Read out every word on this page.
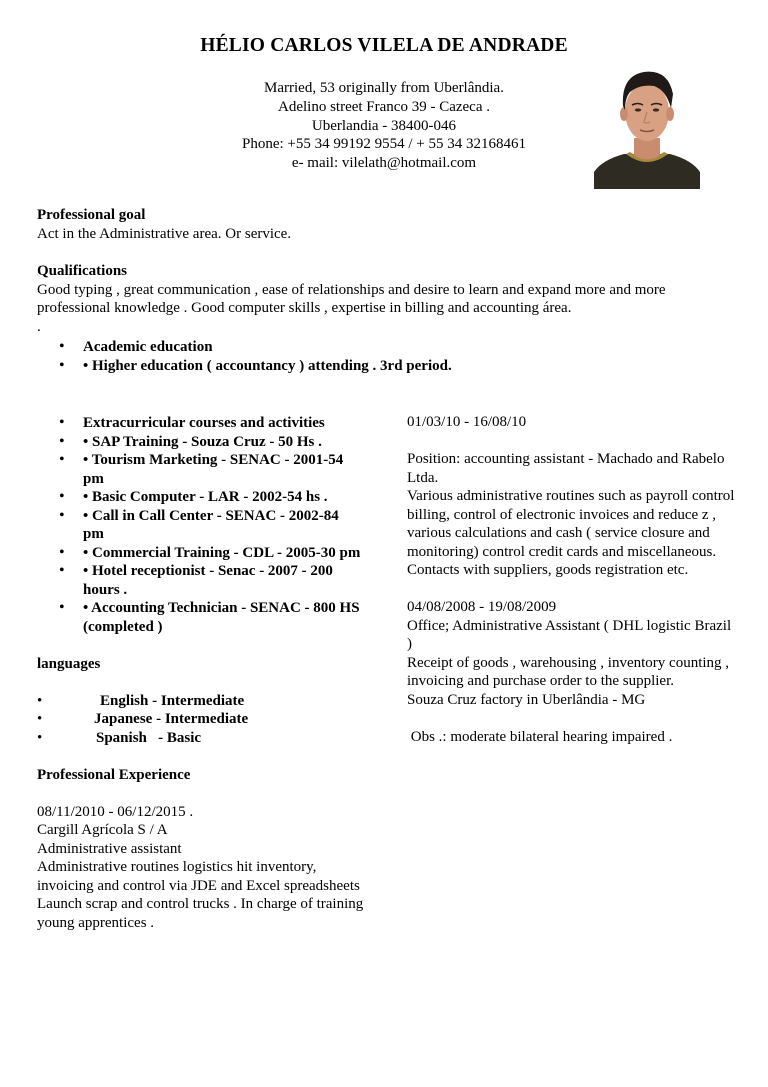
HÉLIO CARLOS VILELA DE ANDRADE
Married, 53 originally from Uberlândia.
Adelino street Franco 39 - Cazeca .
Uberlandia - 38400-046
Phone: +55 34 99192 9554 / + 55 34 32168461
e- mail: vilelath@hotmail.com
Professional goal
Act in the Administrative area. Or service.
Qualifications
Good typing , great communication , ease of relationships and desire to learn and expand more and more professional knowledge . Good computer skills , expertise in billing and accounting área.
.
• Academic education
• • Higher education ( accountancy ) attending . 3rd period.
• Extracurricular courses and activities
• • SAP Training - Souza Cruz - 50 Hs .
• • Tourism Marketing - SENAC - 2001-54 pm
• • Basic Computer - LAR - 2002-54 hs .
• • Call in Call Center - SENAC - 2002-84 pm
• • Commercial Training - CDL - 2005-30 pm
• • Hotel receptionist - Senac - 2007 - 200 hours .
• • Accounting Technician - SENAC - 800 HS (completed )
languages
•	English - Intermediate
•	Japanese - Intermediate
•	Spanish   - Basic
Professional Experience
08/11/2010 - 06/12/2015 .
Cargill Agrícola S / A
Administrative assistant
Administrative routines logistics hit inventory, invoicing and control via JDE and Excel spreadsheets Launch scrap and control trucks . In charge of training young apprentices .
01/03/10 - 16/08/10
Position: accounting assistant - Machado and Rabelo Ltda.
Various administrative routines such as payroll control billing, control of electronic invoices and reduce z , various calculations and cash ( service closure and monitoring) control credit cards and miscellaneous. Contacts with suppliers, goods registration etc.
04/08/2008 - 19/08/2009
Office; Administrative Assistant ( DHL logistic Brazil )
Receipt of goods , warehousing , inventory counting , invoicing and purchase order to the supplier.
Souza Cruz factory in Uberlândia - MG
Obs .: moderate bilateral hearing impaired .
